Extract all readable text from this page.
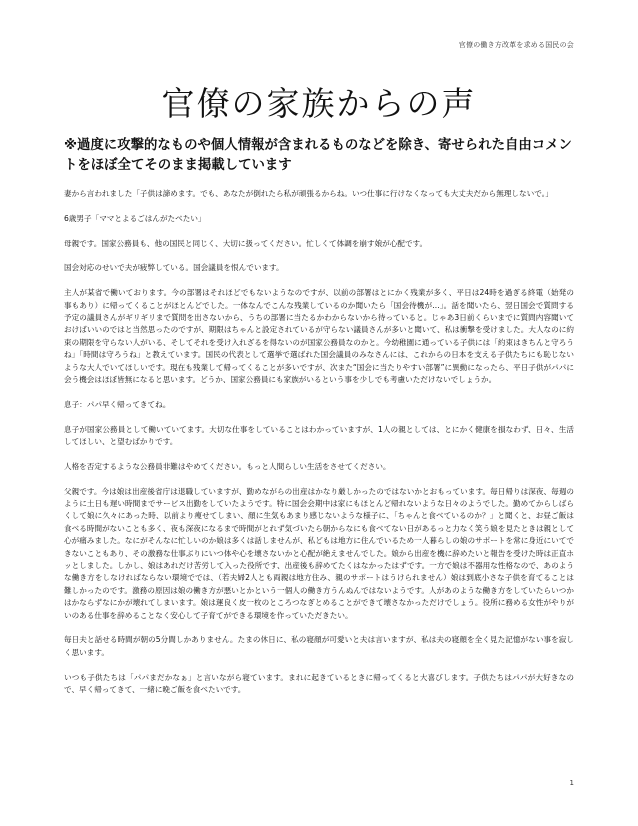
官僚の働き方改革を求める国民の会
官僚の家族からの声

※過度に攻撃的なものや個人情報が含まれるものなどを除き、寄せられた自由コメントをほぼ全てそのまま掲載しています

妻から言われました「子供は諦めます。でも、あなたが倒れたら私が頑張るからね。いつ仕事に行けなくなっても大丈夫だから無理しないで。」

6歳男子「ママとよるごはんがたべたい」

母親です。国家公務員も、他の国民と同じく、大切に扱ってください。忙しくて体調を崩す娘が心配です。

国会対応のせいで夫が疲弊している。国会議員を恨んでいます。

主人が某省で働いております。今の部署はそれほどでもないようなのですが、以前の部署はとにかく残業が多く、平日は24時を過ぎる終電（始発の事もあり）に帰ってくることがほとんどでした。一体なんでこんな残業しているのか聞いたら「国会待機が…」。話を聞いたら、翌日国会で質問する予定の議員さんがギリギリまで質問を出さないから、うちの部署に当たるかわからないから待っていると。じゃあ3日前くらいまでに質問内容聞いておけばいいのではと当然思ったのですが、期限はちゃんと設定されているが守らない議員さんが多いと聞いて、私は衝撃を受けました。大人なのに約束の期限を守らない人がいる、そしてそれを受け入れざるを得ないのが国家公務員なのかと。今幼稚園に通っている子供には「約束はきちんと守ろうね」「時間は守ろうね」と教えています。国民の代表として選挙で選ばれた国会議員のみなさんには、これからの日本を支える子供たちにも恥じないような大人でいてほしいです。現在も残業して帰ってくることが多いですが、次また“国会に当たりやすい部署”に異動になったら、平日子供がパパに会う機会はほぼ皆無になると思います。どうか、国家公務員にも家族がいるという事を少しでも考慮いただけないでしょうか。

息子：パパ早く帰ってきてね。

息子が国家公務員として働いていてます。大切な仕事をしていることはわかっていますが、1人の親としては、とにかく健康を損なわず、日々、生活してほしい、と望むばかりです。

人格を否定するような公務員非難はやめてください。もっと人間らしい生活をさせてください。

父親です。今は娘は出産後省庁は退職していますが、勤めながらの出産はかなり厳しかったのではないかとおもっています。毎日帰りは深夜、毎週のように土日も遅い時間までサービス出勤をしていたようです。特に国会会期中は家にもほとんど帰れないような日々のようでした。勤めてからしばらくして娘に久々にあった時、以前より痩せてしまい、顔に生気もあまり感じないような様子に、「ちゃんと食べているのか？」と聞くと、お昼ご飯は食べる時間がないことも多く、夜も深夜になるまで時間がとれず気づいたら朝からなにも食べてない日があるっと力なく笑う娘を見たときは親として心が痛みました。なにがそんなに忙しいのか娘は多くは話しませんが、私どもは地方に住んでいるため一人暮らしの娘のサポートを常に身近にいてできないこともあり、その激務な仕事ぶりにいつ体や心を壊さないかと心配が絶えませんでした。娘から出産を機に辞めたいと報告を受けた時は正直ホッとしました。しかし、娘はあれだけ苦労して入った役所です、出産後も辞めてたくはなかったはずです。一方で娘は不器用な性格なので、あのような働き方をしなければならない環境ででは、（若夫婦2人とも両親は地方住み、親のサポートはうけられません）娘は到底小さな子供を育てることは難しかったのです。激務の原因は娘の働き方が悪いとかという一個人の働き方うんぬんではないようです。人があのような働き方をしていたらいつかはかならずなにかが壊れてしまいます。娘は運良く皮一枚のところつなぎとめることができて壊さなかっただけでしょう。役所に務める女性がやりがいのある仕事を辞めることなく安心して子育てができる環境を作っていただきたい。

毎日夫と話せる時間が朝の5分間しかありません。たまの休日に、私の寝顔が可愛いと夫は言いますが、私は夫の寝顔を全く見た記憶がない事を寂しく思います。

いつも子供たちは「パパまだかなぁ」と言いながら寝ています。まれに起きているときに帰ってくると大喜びします。子供たちはパパが大好きなので、早く帰ってきて、一緒に晩ご飯を食べたいです。

1
